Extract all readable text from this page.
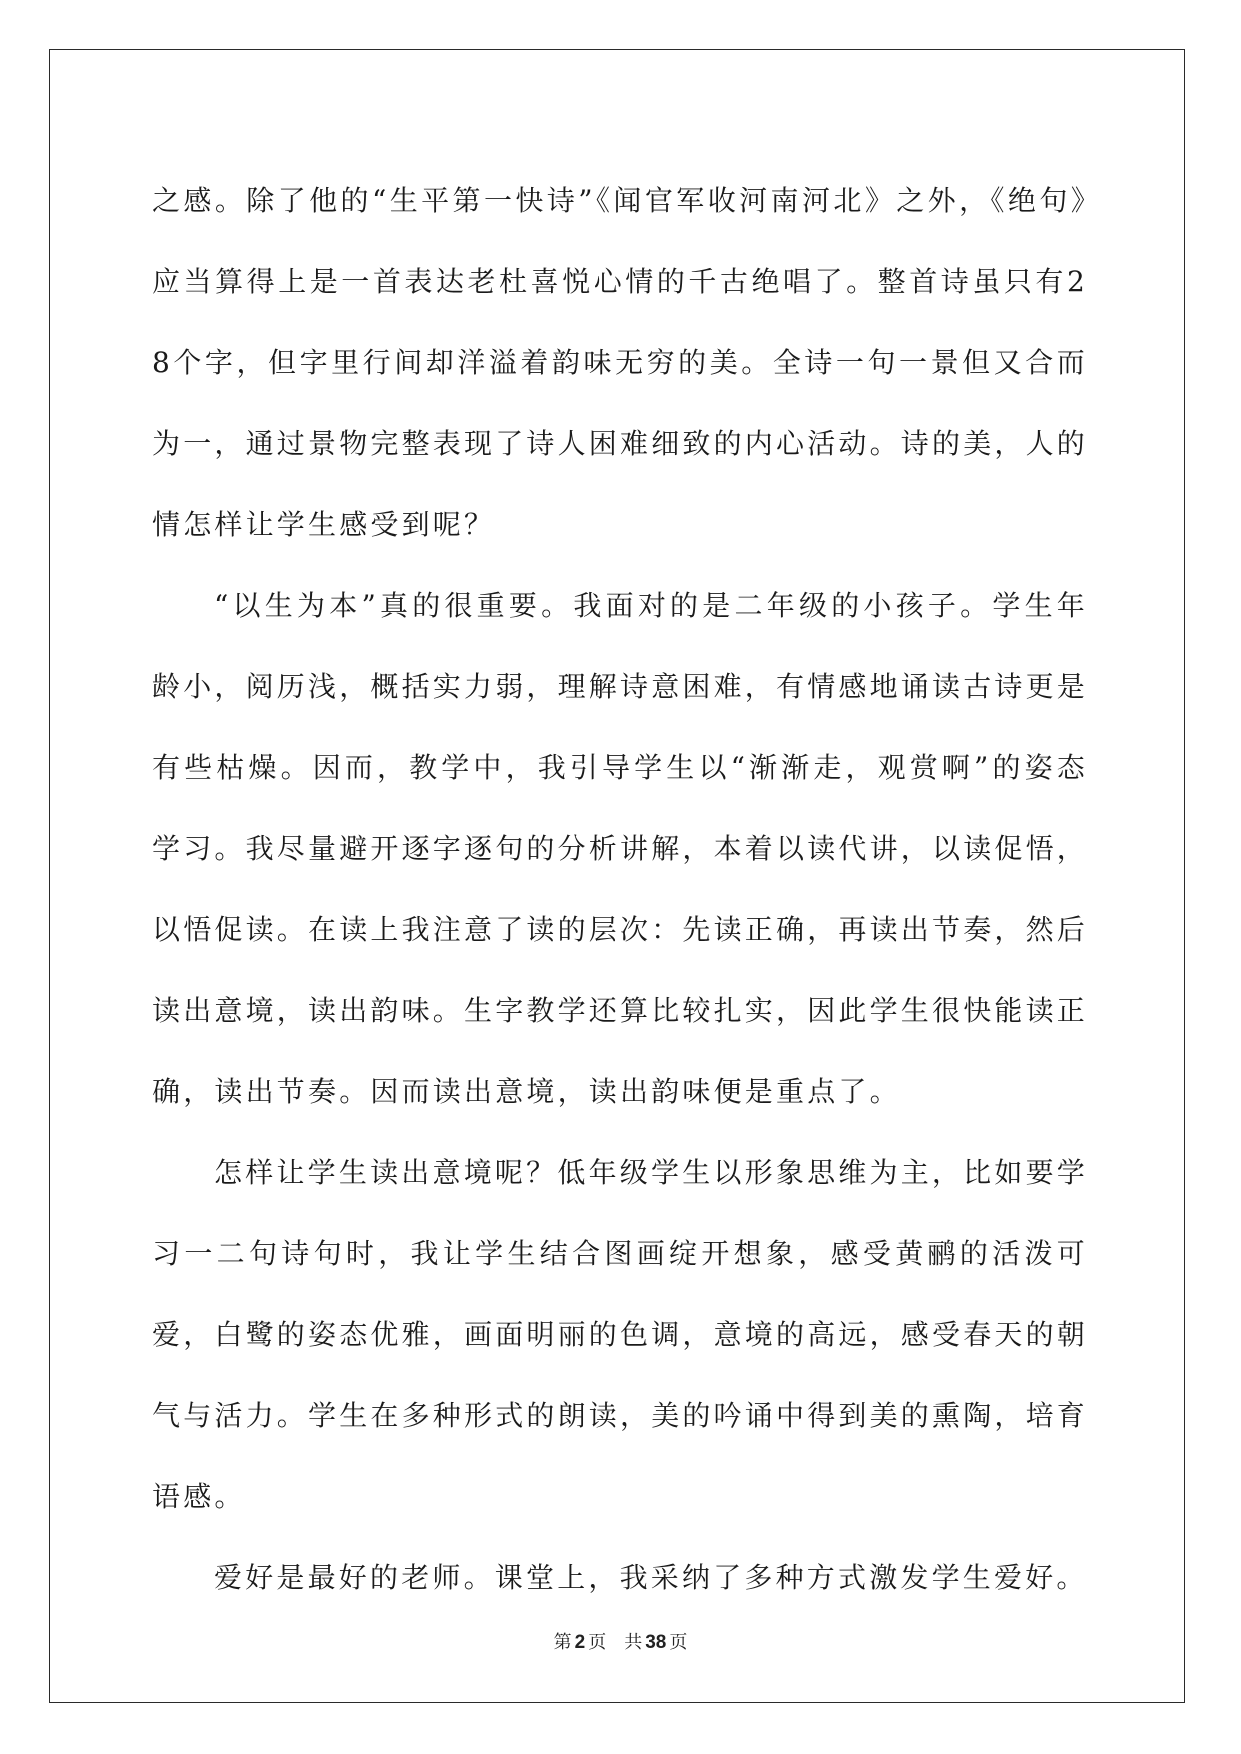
之感。除了他的“生平第一快诗”《闻官军收河南河北》之外，《绝句》应当算得上是一首表达老杜喜悦心情的千古绝唱了。整首诗虽只有28个字，但字里行间却洋溢着韵味无穷的美。全诗一句一景但又合而为一，通过景物完整表现了诗人困难细致的内心活动。诗的美，人的情怎样让学生感受到呢？

“以生为本”真的很重要。我面对的是二年级的小孩子。学生年龄小，阅历浅，概括实力弱，理解诗意困难，有情感地诵读古诗更是有些枯燥。因而，教学中，我引导学生以“渐渐走，观赏啊”的姿态学习。我尽量避开逐字逐句的分析讲解，本着以读代讲，以读促悟，以悟促读。在读上我注意了读的层次：先读正确，再读出节奏，然后读出意境，读出韵味。生字教学还算比较扎实，因此学生很快能读正确，读出节奏。因而读出意境，读出韵味便是重点了。

怎样让学生读出意境呢？低年级学生以形象思维为主，比如要学习一二句诗句时，我让学生结合图画绽开想象，感受黄鹂的活泼可爱，白鹭的姿态优雅，画面明丽的色调，意境的高远，感受春天的朝气与活力。学生在多种形式的朗读，美的吟诵中得到美的熏陶，培育语感。

爱好是最好的老师。课堂上，我采纳了多种方式激发学生爱好。

第 2 页 共 38 页
